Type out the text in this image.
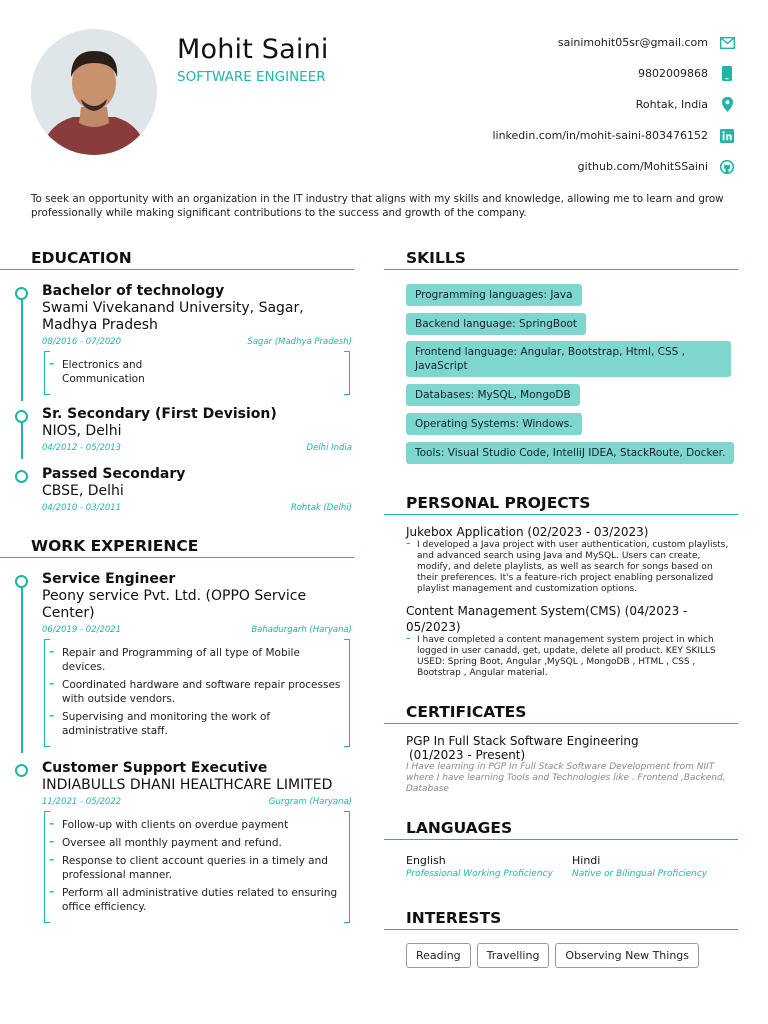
Mohit Saini
SOFTWARE ENGINEER
sainimohit05sr@gmail.com
9802009868
Rohtak, India
linkedin.com/in/mohit-saini-803476152
github.com/MohitSSaini
To seek an opportunity with an organization in the IT industry that aligns with my skills and knowledge, allowing me to learn and grow professionally while making significant contributions to the success and growth of the company.
EDUCATION
Bachelor of technology
Swami Vivekanand University, Sagar, Madhya Pradesh
08/2016 - 07/2020	Sagar (Madhya Pradesh)
– Electronics and Communication
Sr. Secondary (First Devision)
NIOS, Delhi
04/2012 - 05/2013	Delhi India
Passed Secondary
CBSE, Delhi
04/2010 - 03/2011	Rohtak (Delhi)
WORK EXPERIENCE
Service Engineer
Peony service Pvt. Ltd. (OPPO Service Center)
06/2019 - 02/2021	Bahadurgarh (Haryana)
– Repair and Programming of all type of Mobile devices.
– Coordinated hardware and software repair processes with outside vendors.
– Supervising and monitoring the work of administrative staff.
Customer Support Executive
INDIABULLS DHANI HEALTHCARE LIMITED
11/2021 - 05/2022	Gurgram (Haryana)
– Follow-up with clients on overdue payment
– Oversee all monthly payment and refund.
– Response to client account queries in a timely and professional manner.
– Perform all administrative duties related to ensuring office efficiency.
SKILLS
Programming languages: Java
Backend language: SpringBoot
Frontend language: Angular, Bootstrap, Html, CSS , JavaScript
Databases: MySQL, MongoDB
Operating Systems: Windows.
Tools: Visual Studio Code, IntelliJ IDEA, StackRoute, Docker.
PERSONAL PROJECTS
Jukebox Application (02/2023 - 03/2023)
– I developed a Java project with user authentication, custom playlists, and advanced search using Java and MySQL. Users can create, modify, and delete playlists, as well as search for songs based on their preferences. It's a feature-rich project enabling personalized playlist management and customization options.
Content Management System(CMS) (04/2023 - 05/2023)
– I have completed a content management system project in which logged in user canadd, get, update, delete all product. KEY SKILLS USED: Spring Boot, Angular ,MySQL , MongoDB , HTML , CSS , Bootstrap , Angular material.
CERTIFICATES
PGP In Full Stack Software Engineering
(01/2023 - Present)
I Have learning in PGP In Full Stack Software Development from NIIT where I have learning Tools and Technologies like . Frontend ,Backend, Database
LANGUAGES
English
Professional Working Proficiency
Hindi
Native or Bilingual Proficiency
INTERESTS
Reading	Travelling	Observing New Things
